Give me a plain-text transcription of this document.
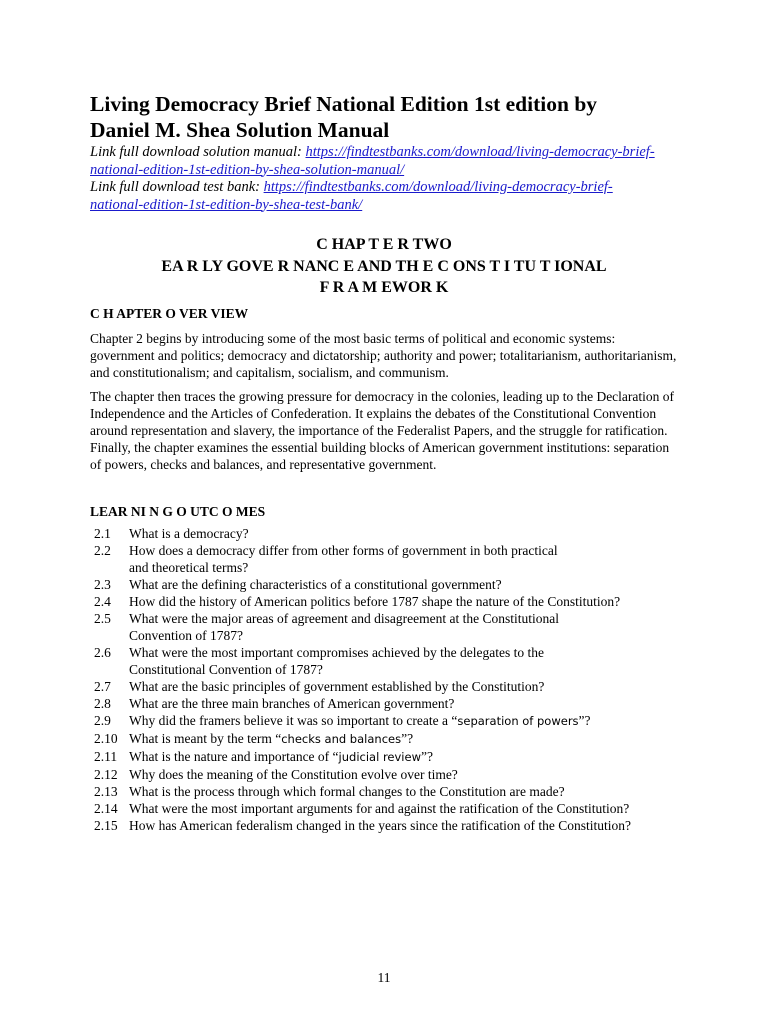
Living Democracy Brief National Edition 1st edition by
Daniel M. Shea Solution Manual
Link full download solution manual: https://findtestbanks.com/download/living-democracy-brief-
national-edition-1st-edition-by-shea-solution-manual/
Link full download test bank: https://findtestbanks.com/download/living-democracy-brief-
national-edition-1st-edition-by-shea-test-bank/
C HAP T E R TWO
EA R LY GOVE R NANC E AND TH E C ONS T I TU T IONAL
F R A M EWOR K
C H APTER O VER VIEW

Chapter 2 begins by introducing some of the most basic terms of political and economic systems: government and politics; democracy and dictatorship; authority and power; totalitarianism, authoritarianism, and constitutionalism; and capitalism, socialism, and communism.

The chapter then traces the growing pressure for democracy in the colonies, leading up to the Declaration of Independence and the Articles of Confederation. It explains the debates of the Constitutional Convention around representation and slavery, the importance of the Federalist Papers, and the struggle for ratification. Finally, the chapter examines the essential building blocks of American government institutions: separation of powers, checks and balances, and representative government.

LEAR NI N G O UTC O MES
2.1	What is a democracy?
2.2	How does a democracy differ from other forms of government in both practical
and theoretical terms?
2.3	What are the defining characteristics of a constitutional government?
2.4	How did the history of American politics before 1787 shape the nature of the Constitution?
2.5	What were the major areas of agreement and disagreement at the Constitutional
Convention of 1787?
2.6	What were the most important compromises achieved by the delegates to the
Constitutional Convention of 1787?
2.7	What are the basic principles of government established by the Constitution?
2.8	What are the three main branches of American government?
2.9	Why did the framers believe it was so important to create a “separation of powers”?
2.10 What is meant by the term “checks and balances”?
2.11 What is the nature and importance of “judicial review”?
2.12 Why does the meaning of the Constitution evolve over time?
2.13 What is the process through which formal changes to the Constitution are made?
2.14 What were the most important arguments for and against the ratification of the Constitution?
2.15 How has American federalism changed in the years since the ratification of the Constitution?
11
